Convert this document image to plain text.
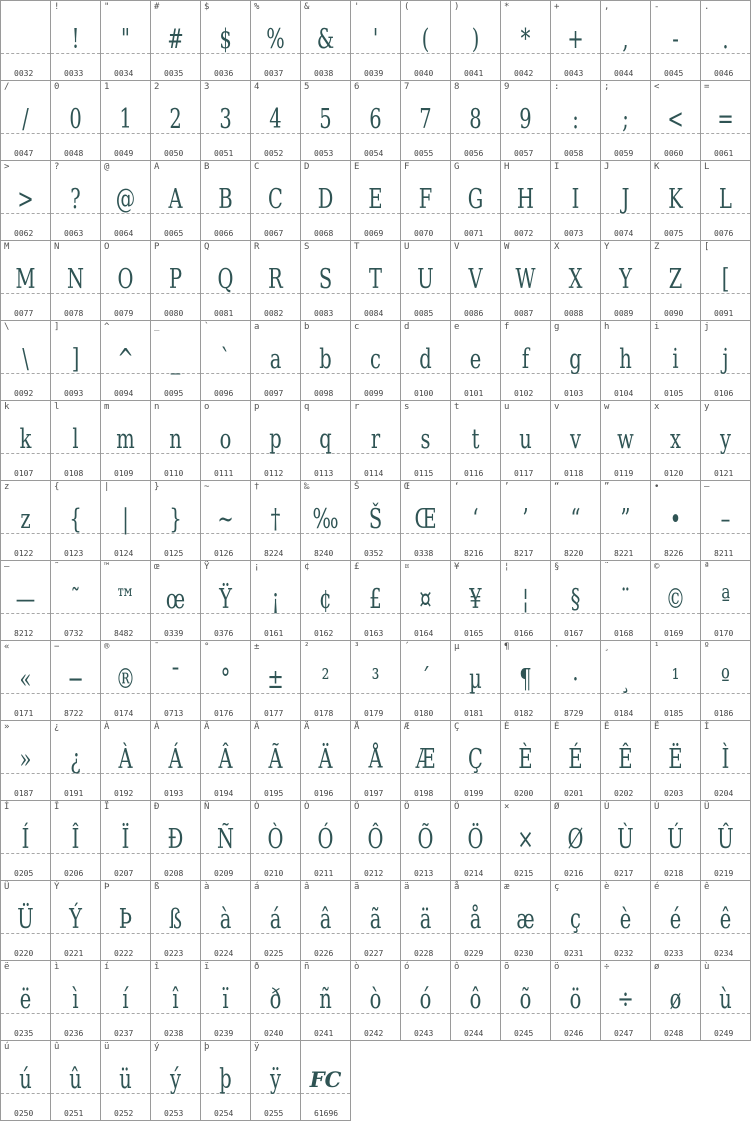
0032
!
!
0033
"
"
0034
#
#
0035
$
$
0036
%
%
0037
&
&
0038
'
'
0039
(
(
0040
)
)
0041
*
*
0042
+
+
0043
,
,
0044
-
-
0045
.
.
0046
/
/
0047
0
0
0048
1
1
0049
2
2
0050
3
3
0051
4
4
0052
5
5
0053
6
6
0054
7
7
0055
8
8
0056
9
9
0057
:
:
0058
;
;
0059
<
<
0060
=
=
0061
>
>
0062
?
?
0063
@
@
0064
A
A
0065
B
B
0066
C
C
0067
D
D
0068
E
E
0069
F
F
0070
G
G
0071
H
H
0072
I
I
0073
J
J
0074
K
K
0075
L
L
0076
M
M
0077
N
N
0078
O
O
0079
P
P
0080
Q
Q
0081
R
R
0082
S
S
0083
T
T
0084
U
U
0085
V
V
0086
W
W
0087
X
X
0088
Y
Y
0089
Z
Z
0090
[
[
0091
\
\
0092
]
]
0093
^
^
0094
_
_
0095
`
`
0096
a
a
0097
b
b
0098
c
c
0099
d
d
0100
e
e
0101
f
f
0102
g
g
0103
h
h
0104
i
i
0105
j
j
0106
k
k
0107
l
l
0108
m
m
0109
n
n
0110
o
o
0111
p
p
0112
q
q
0113
r
r
0114
s
s
0115
t
t
0116
u
u
0117
v
v
0118
w
w
0119
x
x
0120
y
y
0121
z
z
0122
{
{
0123
|
|
0124
}
}
0125
~
~
0126
†
†
8224
‰
‰
8240
Š
Š
0352
Œ
Œ
0338
‘
‘
8216
’
’
8217
“
“
8220
”
”
8221
•
•
8226
–
–
8211
—
—
8212
˜
˜
0732
™
™
8482
œ
œ
0339
Ÿ
Ÿ
0376
¡
¡
0161
¢
¢
0162
£
£
0163
¤
¤
0164
¥
¥
0165
¦
¦
0166
§
§
0167
¨
¨
0168
©
©
0169
ª
ª
0170
«
«
0171
−
−
8722
®
®
0174
¯
¯
0713
°
°
0176
±
±
0177
²
²
0178
³
³
0179
´
´
0180
µ
µ
0181
¶
¶
0182
·
·
8729
¸
¸
0184
¹
¹
0185
º
º
0186
»
»
0187
¿
¿
0191
À
À
0192
Á
Á
0193
Â
Â
0194
Ã
Ã
0195
Ä
Ä
0196
Å
Å
0197
Æ
Æ
0198
Ç
Ç
0199
È
È
0200
É
É
0201
Ê
Ê
0202
Ë
Ë
0203
Ì
Ì
0204
Í
Í
0205
Î
Î
0206
Ï
Ï
0207
Ð
Ð
0208
Ñ
Ñ
0209
Ò
Ò
0210
Ó
Ó
0211
Ô
Ô
0212
Õ
Õ
0213
Ö
Ö
0214
×
×
0215
Ø
Ø
0216
Ù
Ù
0217
Ú
Ú
0218
Û
Û
0219
Ü
Ü
0220
Ý
Ý
0221
Þ
Þ
0222
ß
ß
0223
à
à
0224
á
á
0225
â
â
0226
ã
ã
0227
ä
ä
0228
å
å
0229
æ
æ
0230
ç
ç
0231
è
è
0232
é
é
0233
ê
ê
0234
ë
ë
0235
ì
ì
0236
í
í
0237
î
î
0238
ï
ï
0239
ð
ð
0240
ñ
ñ
0241
ò
ò
0242
ó
ó
0243
ô
ô
0244
õ
õ
0245
ö
ö
0246
÷
÷
0247
ø
ø
0248
ù
ù
0249
ú
ú
0250
û
û
0251
ü
ü
0252
ý
ý
0253
þ
þ
0254
ÿ
ÿ
0255
FC
61696
